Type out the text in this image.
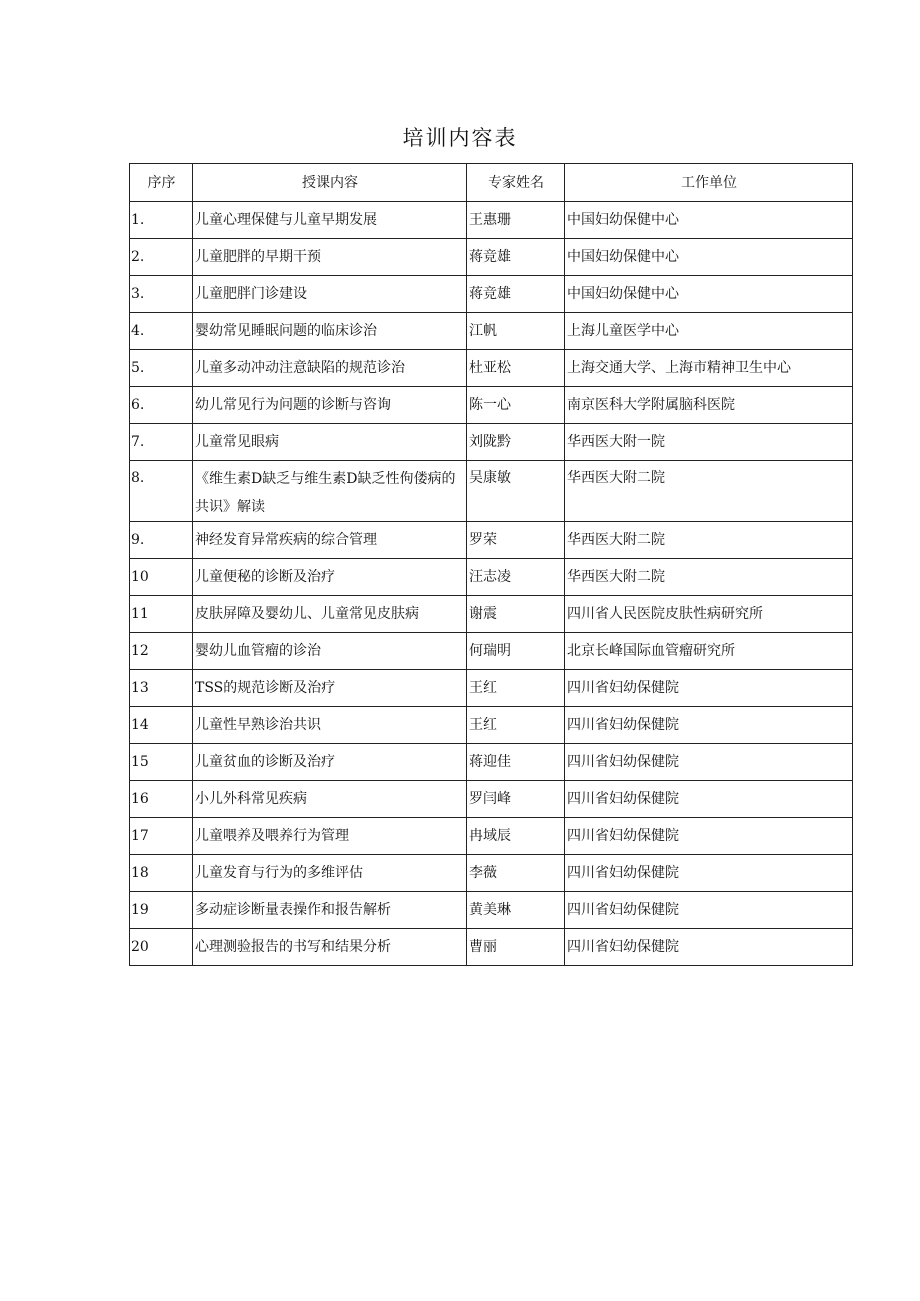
培训内容表
序序	授课内容	专家姓名	工作单位
1.	儿童心理保健与儿童早期发展	王惠珊	中国妇幼保健中心
2.	儿童肥胖的早期干预	蒋竞雄	中国妇幼保健中心
3.	儿童肥胖门诊建设	蒋竞雄	中国妇幼保健中心
4.	婴幼常见睡眠问题的临床诊治	江帆	上海儿童医学中心
5.	儿童多动冲动注意缺陷的规范诊治	杜亚松	上海交通大学、上海市精神卫生中心
6.	幼儿常见行为问题的诊断与咨询	陈一心	南京医科大学附属脑科医院
7.	儿童常见眼病	刘陇黔	华西医大附一院
8.	《维生素D缺乏与维生素D缺乏性佝偻病的共识》解读	吴康敏	华西医大附二院
9.	神经发育异常疾病的综合管理	罗荣	华西医大附二院
10	儿童便秘的诊断及治疗	汪志凌	华西医大附二院
11	皮肤屏障及婴幼儿、儿童常见皮肤病	谢震	四川省人民医院皮肤性病研究所
12	婴幼儿血管瘤的诊治	何瑞明	北京长峰国际血管瘤研究所
13	TSS的规范诊断及治疗	王红	四川省妇幼保健院
14	儿童性早熟诊治共识	王红	四川省妇幼保健院
15	儿童贫血的诊断及治疗	蒋迎佳	四川省妇幼保健院
16	小儿外科常见疾病	罗闫峰	四川省妇幼保健院
17	儿童喂养及喂养行为管理	冉域辰	四川省妇幼保健院
18	儿童发育与行为的多维评估	李薇	四川省妇幼保健院
19	多动症诊断量表操作和报告解析	黄美琳	四川省妇幼保健院
20	心理测验报告的书写和结果分析	曹丽	四川省妇幼保健院
